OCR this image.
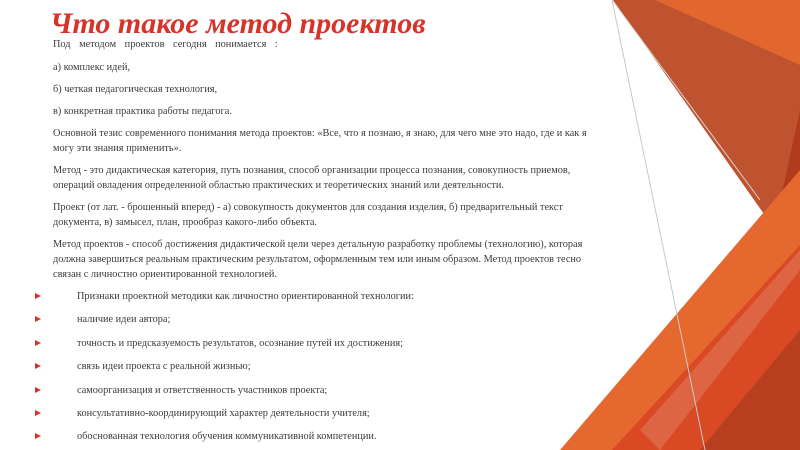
Что такое метод проектов

Под методом проектов сегодня понимается :

а) комплекс идей,

б) четкая педагогическая технология,

в) конкретная практика работы педагога.

Основной тезис современного понимания метода проектов: «Все, что я познаю, я знаю, для чего мне это надо, где и как я могу эти знания применить».

Метод - это дидактическая категория, путь познания, способ организации процесса познания, совокупность приемов, операций овладения определенной областью практических и теоретических знаний или деятельности.

Проект (от лат. - брошенный вперед) - а) совокупность документов для создания изделия, б) предварительный текст документа, в) замысел, план, прообраз какого-либо объекта.

Метод проектов - способ достижения дидактической цели через детальную разработку проблемы (технологию), которая должна завершиться реальным практическим результатом, оформленным тем или иным образом. Метод проектов тесно связан с личностно ориентированной технологией.

Признаки проектной методики как личностно ориентированной технологии:
наличие идеи автора;
точность и предсказуемость результатов, осознание путей их достижения;
связь идеи проекта с реальной жизнью;
самоорганизация и ответственность участников проекта;
консультативно-координирующий характер деятельности учителя;
обоснованная технология обучения коммуникативной компетенции.
